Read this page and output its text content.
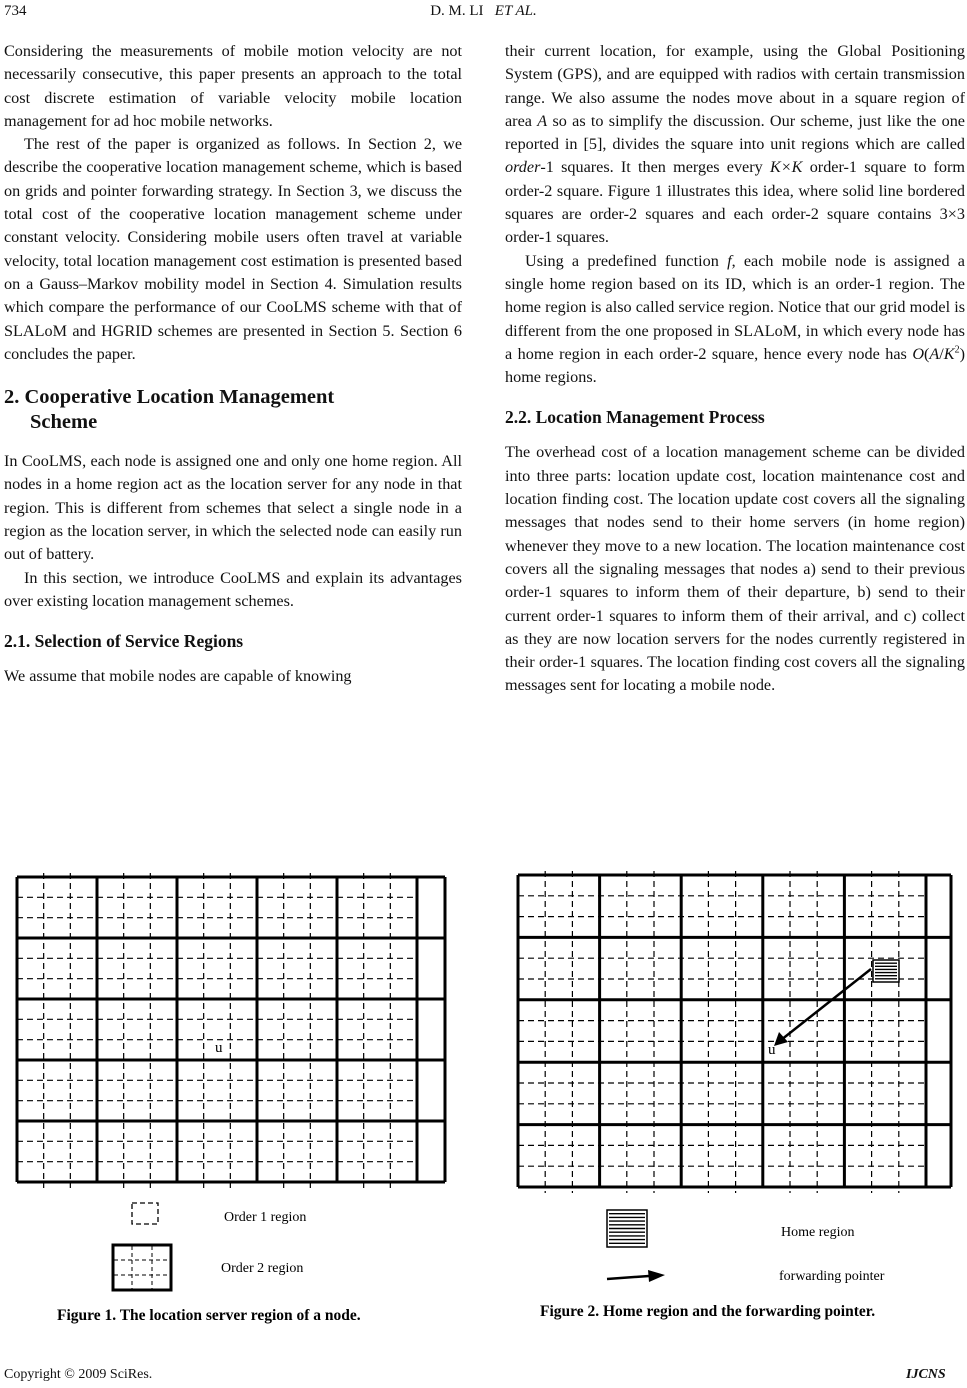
734	D. M. LI ET AL.

Considering the measurements of mobile motion velocity are not necessarily consecutive, this paper presents an approach to the total cost discrete estimation of variable velocity mobile location management for ad hoc mobile networks.

The rest of the paper is organized as follows. In Section 2, we describe the cooperative location management scheme, which is based on grids and pointer forwarding strategy. In Section 3, we discuss the total cost of the cooperative location management scheme under constant velocity. Considering mobile users often travel at variable velocity, total location management cost estimation is presented based on a Gauss–Markov mobility model in Section 4. Simulation results which compare the performance of our CooLMS scheme with that of SLALoM and HGRID schemes are presented in Section 5. Section 6 concludes the paper.

2. Cooperative Location Management
Scheme

In CooLMS, each node is assigned one and only one home region. All nodes in a home region act as the location server for any node in that region. This is different from schemes that select a single node in a region as the location server, in which the selected node can easily run out of battery.

In this section, we introduce CooLMS and explain its advantages over existing location management schemes.

2.1. Selection of Service Regions

We assume that mobile nodes are capable of knowing

their current location, for example, using the Global Positioning System (GPS), and are equipped with radios with certain transmission range. We also assume the nodes move about in a square region of area A so as to simplify the discussion. Our scheme, just like the one reported in [5], divides the square into unit regions which are called order-1 squares. It then merges every K×K order-1 square to form order-2 square. Figure 1 illustrates this idea, where solid line bordered squares are order-2 squares and each order-2 square contains 3×3 order-1 squares.

Using a predefined function f, each mobile node is assigned a single home region based on its ID, which is an order-1 region. The home region is also called service region. Notice that our grid model is different from the one proposed in SLALoM, in which every node has a home region in each order-2 square, hence every node has $O(A/K^2)$ home regions.

2.2. Location Management Process

The overhead cost of a location management scheme can be divided into three parts: location update cost, location maintenance cost and location finding cost. The location update cost covers all the signaling messages that nodes send to their home servers (in home region) whenever they move to a new location. The location maintenance cost covers all the signaling messages that nodes a) send to their previous order-1 squares to inform them of their departure, b) send to their current order-1 squares to inform them of their arrival, and c) collect as they are now location servers for the nodes currently registered in their order-1 squares. The location finding cost covers all the signaling messages sent for locating a mobile node.

u
Order 1 region
Order 2 region
Figure 1. The location server region of a node.
u
Home region
forwarding pointer
Figure 2. Home region and the forwarding pointer.
Copyright © 2009 SciRes.	IJCNS
